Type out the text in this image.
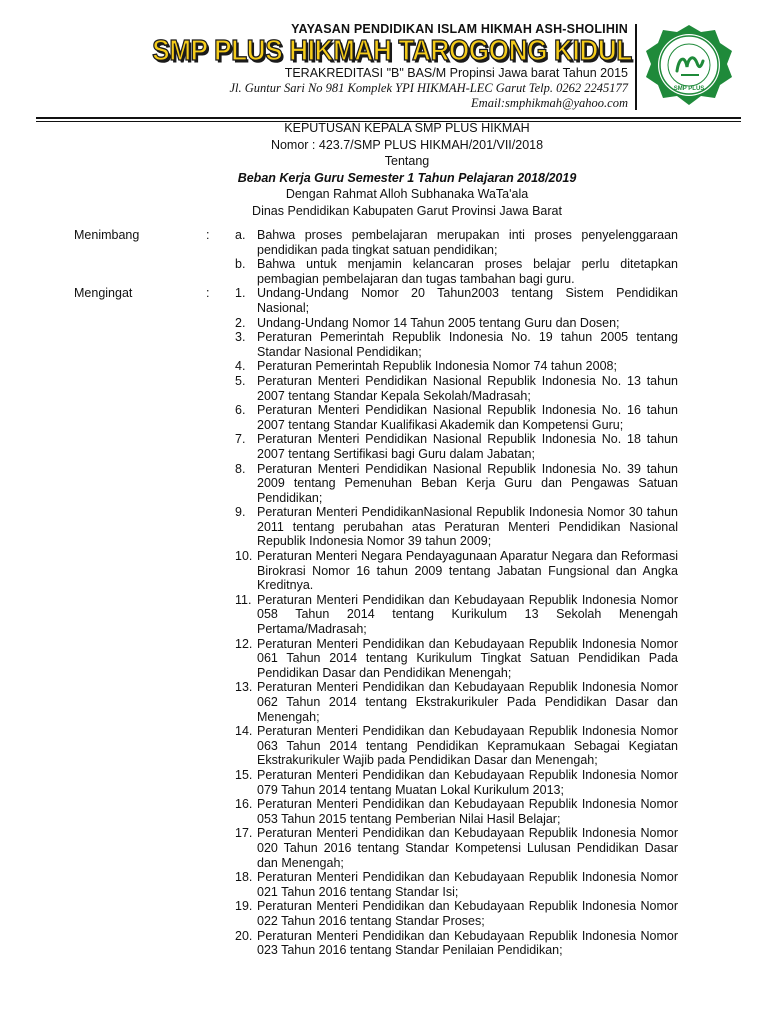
YAYASAN PENDIDIKAN ISLAM HIKMAH ASH-SHOLIHIN
SMP PLUS HIKMAH TAROGONG KIDUL
TERAKREDITASI "B" BAS/M Propinsi Jawa barat Tahun 2015
Jl. Guntur Sari No 981 Komplek YPI HIKMAH-LEC Garut Telp. 0262 2245177
Email:smphikmah@yahoo.com
SMP PLUS
KEPUTUSAN KEPALA SMP PLUS HIKMAH
Nomor : 423.7/SMP PLUS HIKMAH/201/VII/2018
Tentang
Beban Kerja Guru Semester 1 Tahun Pelajaran 2018/2019
Dengan Rahmat Alloh Subhanaka WaTa'ala
Dinas Pendidikan Kabupaten Garut Provinsi Jawa Barat
Menimbang	: a. Bahwa proses pembelajaran merupakan inti proses penyelenggaraan pendidikan pada tingkat satuan pendidikan;
b. Bahwa untuk menjamin kelancaran proses belajar perlu ditetapkan pembagian pembelajaran dan tugas tambahan bagi guru.
Mengingat	: 1. Undang-Undang Nomor 20 Tahun2003 tentang Sistem Pendidikan Nasional;
2. Undang-Undang Nomor 14 Tahun 2005 tentang Guru dan Dosen;
3. Peraturan Pemerintah Republik Indonesia No. 19 tahun 2005 tentang Standar Nasional Pendidikan;
4. Peraturan Pemerintah Republik Indonesia Nomor 74 tahun 2008;
5. Peraturan Menteri Pendidikan Nasional Republik Indonesia No. 13 tahun 2007 tentang Standar Kepala Sekolah/Madrasah;
6. Peraturan Menteri Pendidikan Nasional Republik Indonesia No. 16 tahun 2007 tentang Standar Kualifikasi Akademik dan Kompetensi Guru;
7. Peraturan Menteri Pendidikan Nasional Republik Indonesia No. 18 tahun 2007 tentang Sertifikasi bagi Guru dalam Jabatan;
8. Peraturan Menteri Pendidikan Nasional Republik Indonesia No. 39 tahun 2009 tentang Pemenuhan Beban Kerja Guru dan Pengawas Satuan Pendidikan;
9. Peraturan Menteri PendidikanNasional Republik Indonesia Nomor 30 tahun 2011 tentang perubahan atas Peraturan Menteri Pendidikan Nasional Republik Indonesia Nomor 39 tahun 2009;
10. Peraturan Menteri Negara Pendayagunaan Aparatur Negara dan Reformasi Birokrasi Nomor 16 tahun 2009 tentang Jabatan Fungsional dan Angka Kreditnya.
11. Peraturan Menteri Pendidikan dan Kebudayaan Republik Indonesia Nomor 058 Tahun 2014 tentang Kurikulum 13 Sekolah Menengah Pertama/Madrasah;
12. Peraturan Menteri Pendidikan dan Kebudayaan Republik Indonesia Nomor 061 Tahun 2014 tentang Kurikulum Tingkat Satuan Pendidikan Pada Pendidikan Dasar dan Pendidikan Menengah;
13. Peraturan Menteri Pendidikan dan Kebudayaan Republik Indonesia Nomor 062 Tahun 2014 tentang Ekstrakurikuler Pada Pendidikan Dasar dan Menengah;
14. Peraturan Menteri Pendidikan dan Kebudayaan Republik Indonesia Nomor 063 Tahun 2014 tentang Pendidikan Kepramukaan Sebagai Kegiatan Ekstrakurikuler Wajib pada Pendidikan Dasar dan Menengah;
15. Peraturan Menteri Pendidikan dan Kebudayaan Republik Indonesia Nomor 079 Tahun 2014 tentang Muatan Lokal Kurikulum 2013;
16. Peraturan Menteri Pendidikan dan Kebudayaan Republik Indonesia Nomor 053 Tahun 2015 tentang Pemberian Nilai Hasil Belajar;
17. Peraturan Menteri Pendidikan dan Kebudayaan Republik Indonesia Nomor 020 Tahun 2016 tentang Standar Kompetensi Lulusan Pendidikan Dasar dan Menengah;
18. Peraturan Menteri Pendidikan dan Kebudayaan Republik Indonesia Nomor 021 Tahun 2016 tentang Standar Isi;
19. Peraturan Menteri Pendidikan dan Kebudayaan Republik Indonesia Nomor 022 Tahun 2016 tentang Standar Proses;
20. Peraturan Menteri Pendidikan dan Kebudayaan Republik Indonesia Nomor 023 Tahun 2016 tentang Standar Penilaian Pendidikan;
